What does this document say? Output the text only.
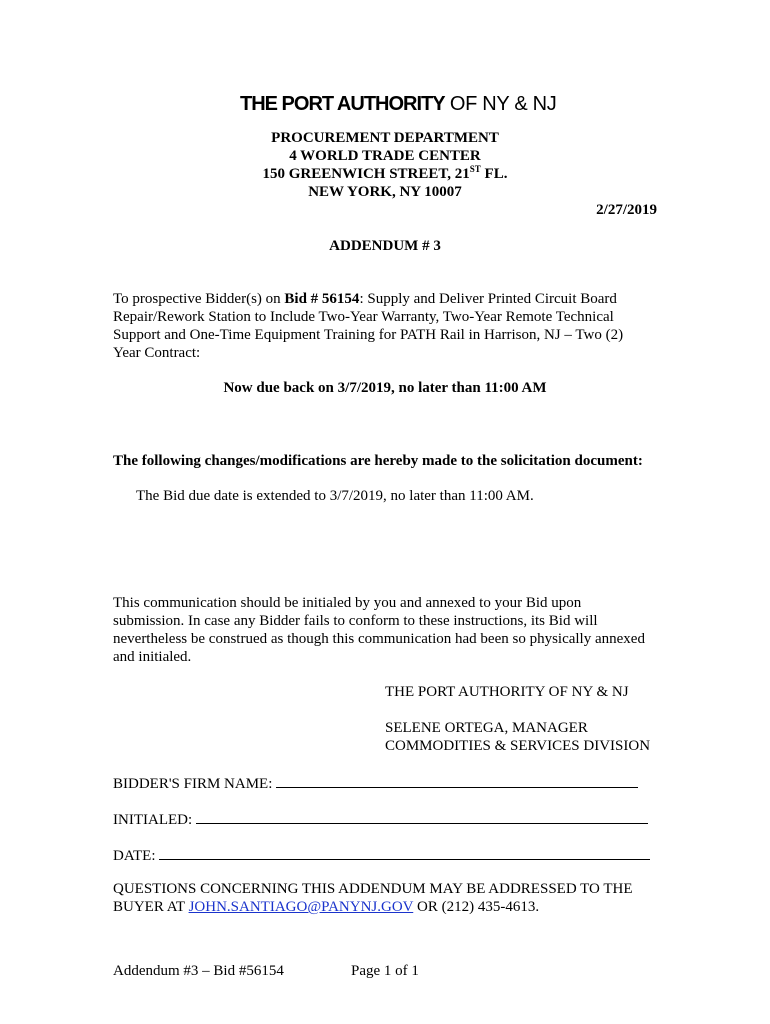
THE PORT AUTHORITY OF NY & NJ
PROCUREMENT DEPARTMENT
4 WORLD TRADE CENTER
150 GREENWICH STREET, 21ST FL.
NEW YORK, NY 10007
2/27/2019
ADDENDUM # 3
To prospective Bidder(s) on Bid # 56154: Supply and Deliver Printed Circuit Board
Repair/Rework Station to Include Two-Year Warranty, Two-Year Remote Technical
Support and One-Time Equipment Training for PATH Rail in Harrison, NJ – Two (2)
Year Contract:
Now due back on 3/7/2019, no later than 11:00 AM
The following changes/modifications are hereby made to the solicitation document:
The Bid due date is extended to 3/7/2019, no later than 11:00 AM.
This communication should be initialed by you and annexed to your Bid upon
submission. In case any Bidder fails to conform to these instructions, its Bid will
nevertheless be construed as though this communication had been so physically annexed
and initialed.
THE PORT AUTHORITY OF NY & NJ
SELENE ORTEGA, MANAGER
COMMODITIES & SERVICES DIVISION
BIDDER'S FIRM NAME:
INITIALED:
DATE:
QUESTIONS CONCERNING THIS ADDENDUM MAY BE ADDRESSED TO THE
BUYER AT JOHN.SANTIAGO@PANYNJ.GOV OR (212) 435-4613.
Addendum #3 – Bid #56154	Page 1 of 1
